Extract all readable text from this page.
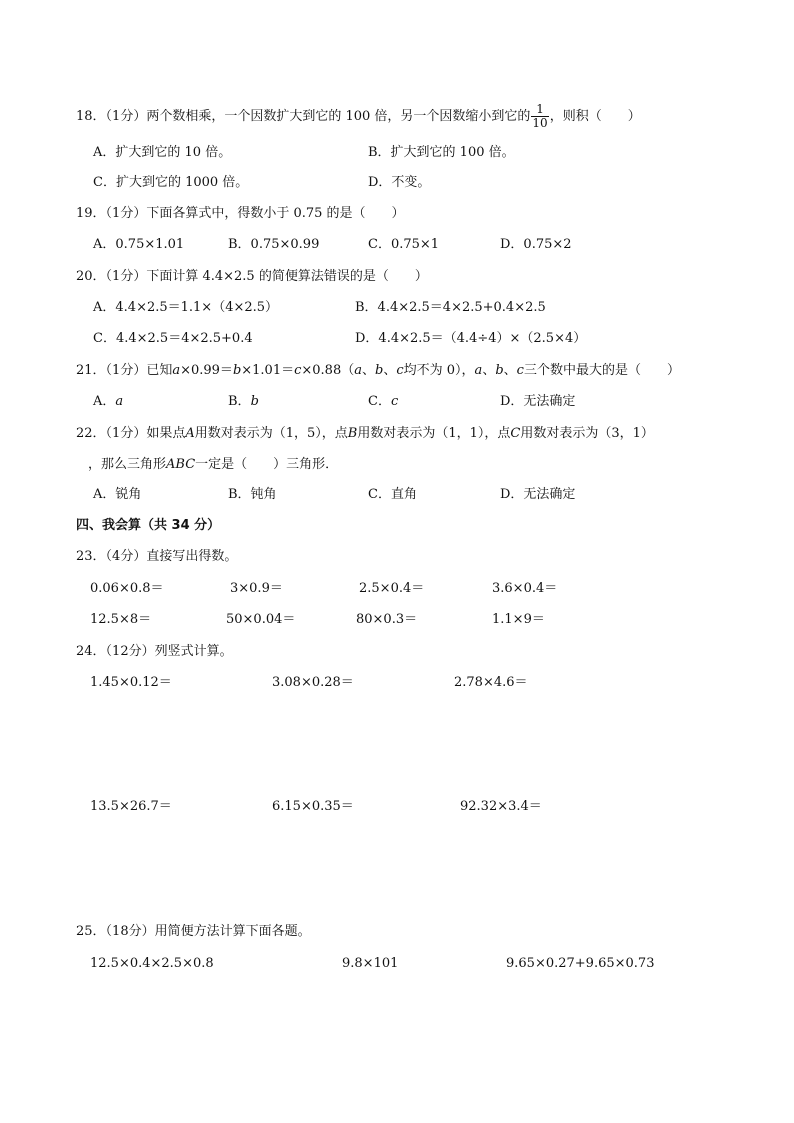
18．（1分）两个数相乘，一个因数扩大到它的 100 倍，另一个因数缩小到它的 $\frac{1}{10}$ ，则积（　　）
A．扩大到它的 10 倍。	B．扩大到它的 100 倍。
C．扩大到它的 1000 倍。	D．不变。
19．（1分）下面各算式中，得数小于 0.75 的是（　　）
A．0.75×1.01	B．0.75×0.99	C．0.75×1	D．0.75×2
20．（1分）下面计算 4.4×2.5 的简便算法错误的是（　　）
A．4.4×2.5＝1.1×（4×2.5）	B．4.4×2.5＝4×2.5+0.4×2.5
C．4.4×2.5＝4×2.5+0.4	D．4.4×2.5＝（4.4÷4）×（2.5×4）
21．（1分）已知a×0.99＝b×1.01＝c×0.88（a、b、c均不为 0），a、b、c三个数中最大的是（　　）
A．a	B．b	C．c	D．无法确定
22．（1分）如果点A用数对表示为（1，5），点B用数对表示为（1，1），点C用数对表示为（3，1）
，那么三角形ABC一定是（　　）三角形．
A．锐角	B．钝角	C．直角	D．无法确定
四、我会算（共 34 分）
23．（4分）直接写出得数。
0.06×0.8＝	3×0.9＝	2.5×0.4＝	3.6×0.4＝
12.5×8＝	50×0.04＝	80×0.3＝	1.1×9＝
24．（12分）列竖式计算。
1.45×0.12＝	3.08×0.28＝	2.78×4.6＝
13.5×26.7＝	6.15×0.35＝	92.32×3.4＝
25．（18分）用简便方法计算下面各题。
12.5×0.4×2.5×0.8	9.8×101	9.65×0.27+9.65×0.73
